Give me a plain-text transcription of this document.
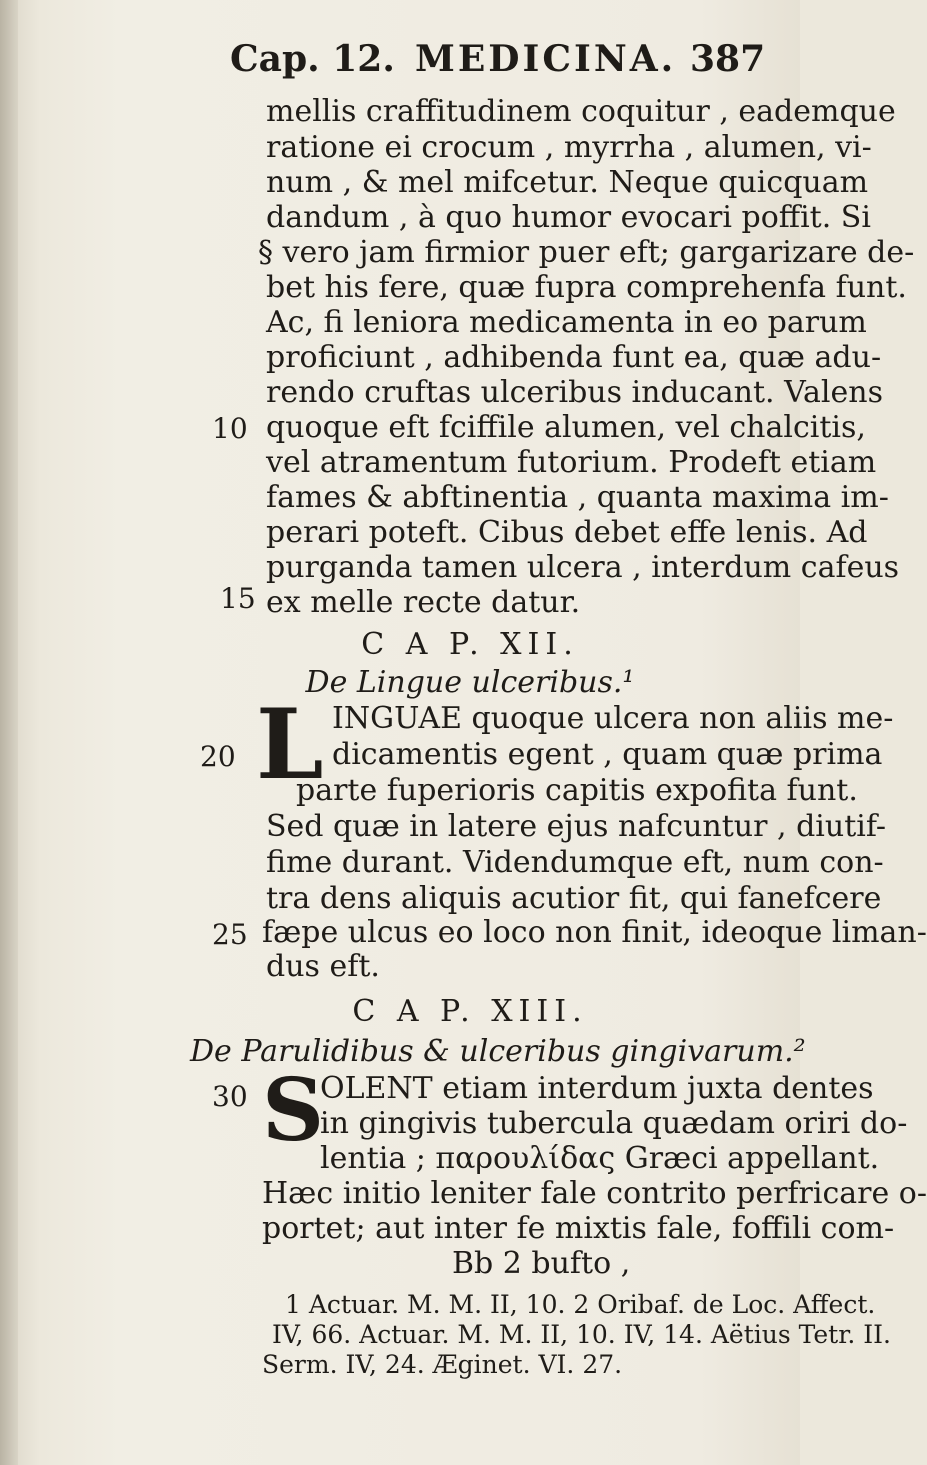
Cap. 12. MEDICINA. 387
mellis craffitudinem coquitur , eademque
ratione ei crocum , myrrha , alumen, vi-
num , & mel mifcetur. Neque quicquam
dandum , à quo humor evocari poffit. Si
§ vero jam firmior puer eft; gargarizare de-
bet his fere, quæ fupra comprehenfa funt.
Ac, fi leniora medicamenta in eo parum
proficiunt , adhibenda funt ea, quæ adu-
rendo cruftas ulceribus inducant. Valens
10 quoque eft fciffile alumen, vel chalcitis,
vel atramentum futorium. Prodeft etiam
fames & abftinentia , quanta maxima im-
perari poteft. Cibus debet effe lenis. Ad
purganda tamen ulcera , interdum cafeus
15 ex melle recte datur.
C A P. XII.
De Lingue ulceribus.¹
L
20
INGUAE quoque ulcera non aliis me-
dicamentis egent , quam quæ prima
parte fuperioris capitis expofita funt.
Sed quæ in latere ejus nafcuntur , diutif-
fime durant. Videndumque eft, num con-
tra dens aliquis acutior fit, qui fanefcere
25 fæpe ulcus eo loco non finit, ideoque liman-
dus eft.
C A P. XIII.
De Parulidibus & ulceribus gingivarum.²
30 S
OLENT etiam interdum juxta dentes
in gingivis tubercula quædam oriri do-
lentia ; παρουλίδας Græci appellant.
Hæc initio leniter fale contrito perfricare o-
portet; aut inter fe mixtis fale, foffili com-
Bb 2 bufto ,
1 Actuar. M. M. II, 10. 2 Oribaf. de Loc. Affect.
IV, 66. Actuar. M. M. II, 10. IV, 14. Aëtius Tetr. II.
Serm. IV, 24. Æginet. VI. 27.
